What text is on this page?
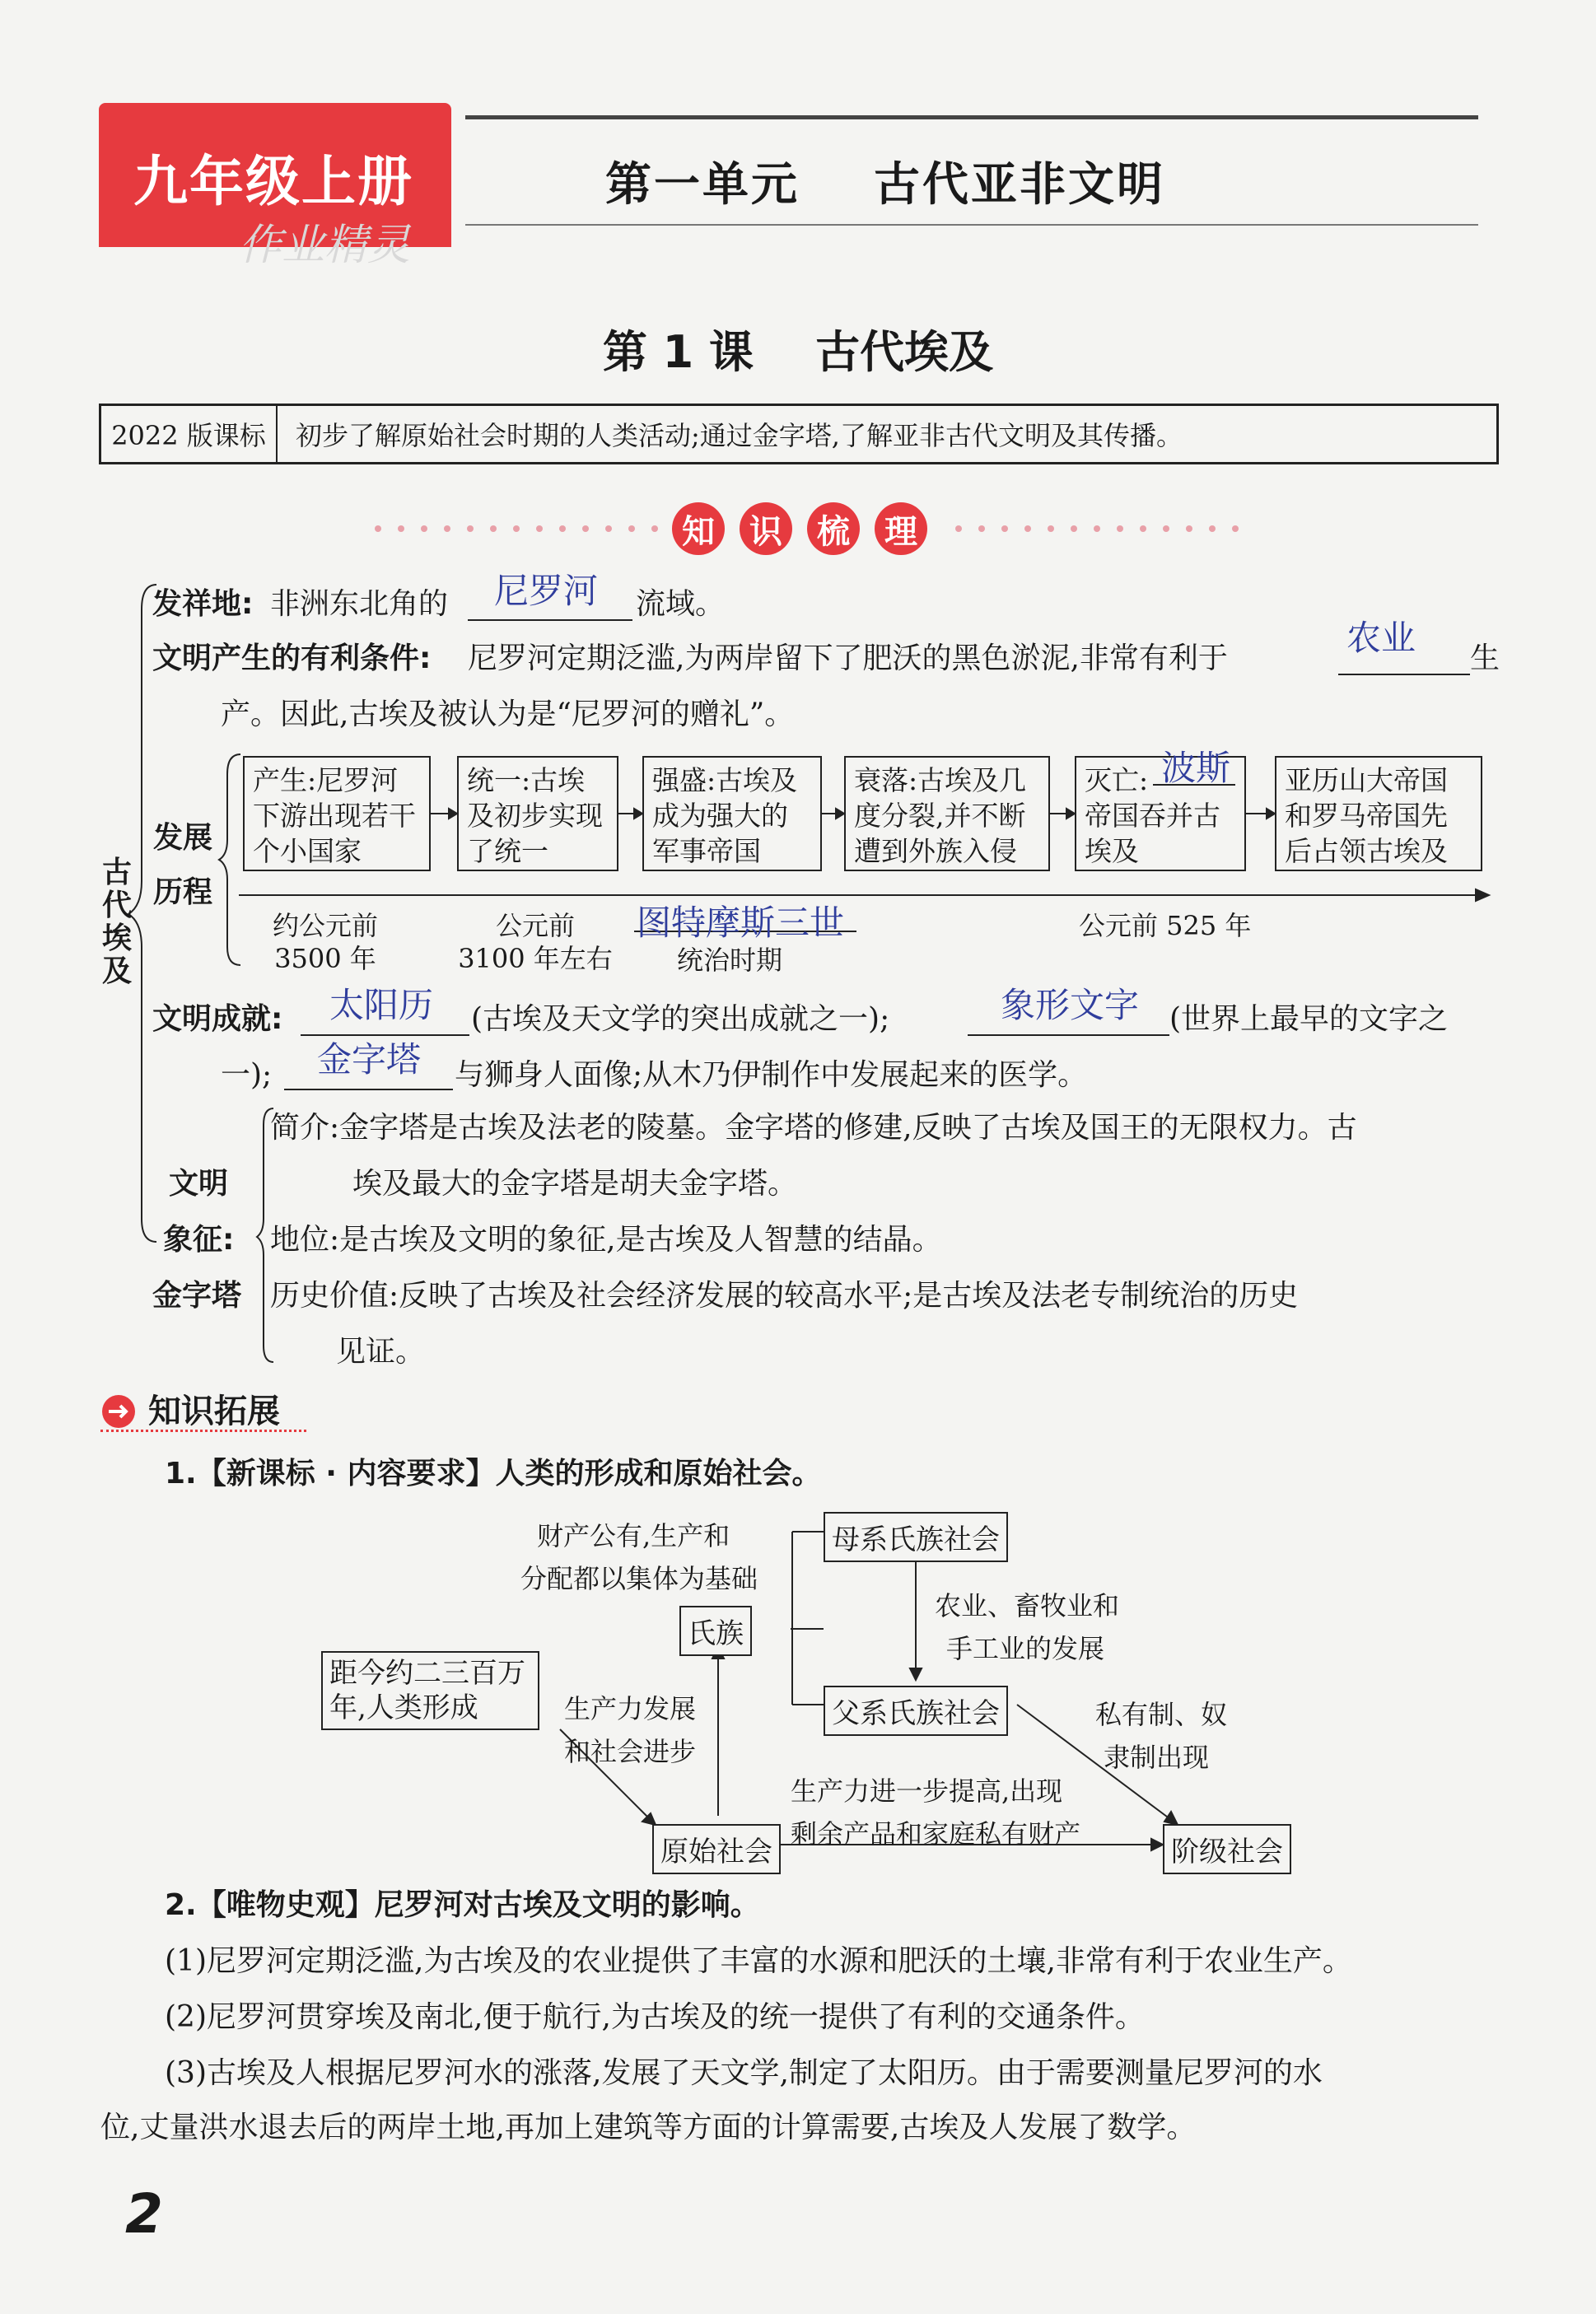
九年级上册
作业精灵
第一单元    古代亚非文明
第 1 课    古代埃及
2022 版课标	初步了解原始社会时期的人类活动;通过金字塔,了解亚非古代文明及其传播。
知	识	梳	理
古代埃及
发祥地: 非洲东北角的 尼罗河 流域。
文明产生的有利条件: 尼罗河定期泛滥,为两岸留下了肥沃的黑色淤泥,非常有利于
农业
生
产。因此,古埃及被认为是“尼罗河的赠礼”。
发展
历程
产生:尼罗河
下游出现若干
个小国家
统一:古埃
及初步实现
了统一
强盛:古埃及
成为强大的
军事帝国
衰落:古埃及几
度分裂,并不断
遭到外族入侵
灭亡:
帝国吞并古
埃及
波斯 亚历山大帝国
和罗马帝国先
后占领古埃及
约公元前
3500 年
公元前
3100 年左右
图特摩斯三世
统治时期
公元前 525 年
文明成就: 太阳历 (古埃及天文学的突出成就之一);	象形文字 (世界上最早的文字之
一); 金字塔 与狮身人面像;从木乃伊制作中发展起来的医学。
文明
象征:
金字塔
简介:金字塔是古埃及法老的陵墓。金字塔的修建,反映了古埃及国王的无限权力。古
埃及最大的金字塔是胡夫金字塔。
地位:是古埃及文明的象征,是古埃及人智慧的结晶。
历史价值:反映了古埃及社会经济发展的较高水平;是古埃及法老专制统治的历史
见证。
知识拓展
1.【新课标 · 内容要求】人类的形成和原始社会。
财产公有,生产和
分配都以集体为基础
母系氏族社会
氏族
农业、畜牧业和
手工业的发展
距今约二三百万
年,人类形成	生产力发展
和社会进步
父系氏族社会	私有制、奴
隶制出现
生产力进一步提高,出现
剩余产品和家庭私有财产
原始社会	阶级社会
2.【唯物史观】尼罗河对古埃及文明的影响。
(1)尼罗河定期泛滥,为古埃及的农业提供了丰富的水源和肥沃的土壤,非常有利于农业生产。
(2)尼罗河贯穿埃及南北,便于航行,为古埃及的统一提供了有利的交通条件。
(3)古埃及人根据尼罗河水的涨落,发展了天文学,制定了太阳历。由于需要测量尼罗河的水
位,丈量洪水退去后的两岸土地,再加上建筑等方面的计算需要,古埃及人发展了数学。
2
